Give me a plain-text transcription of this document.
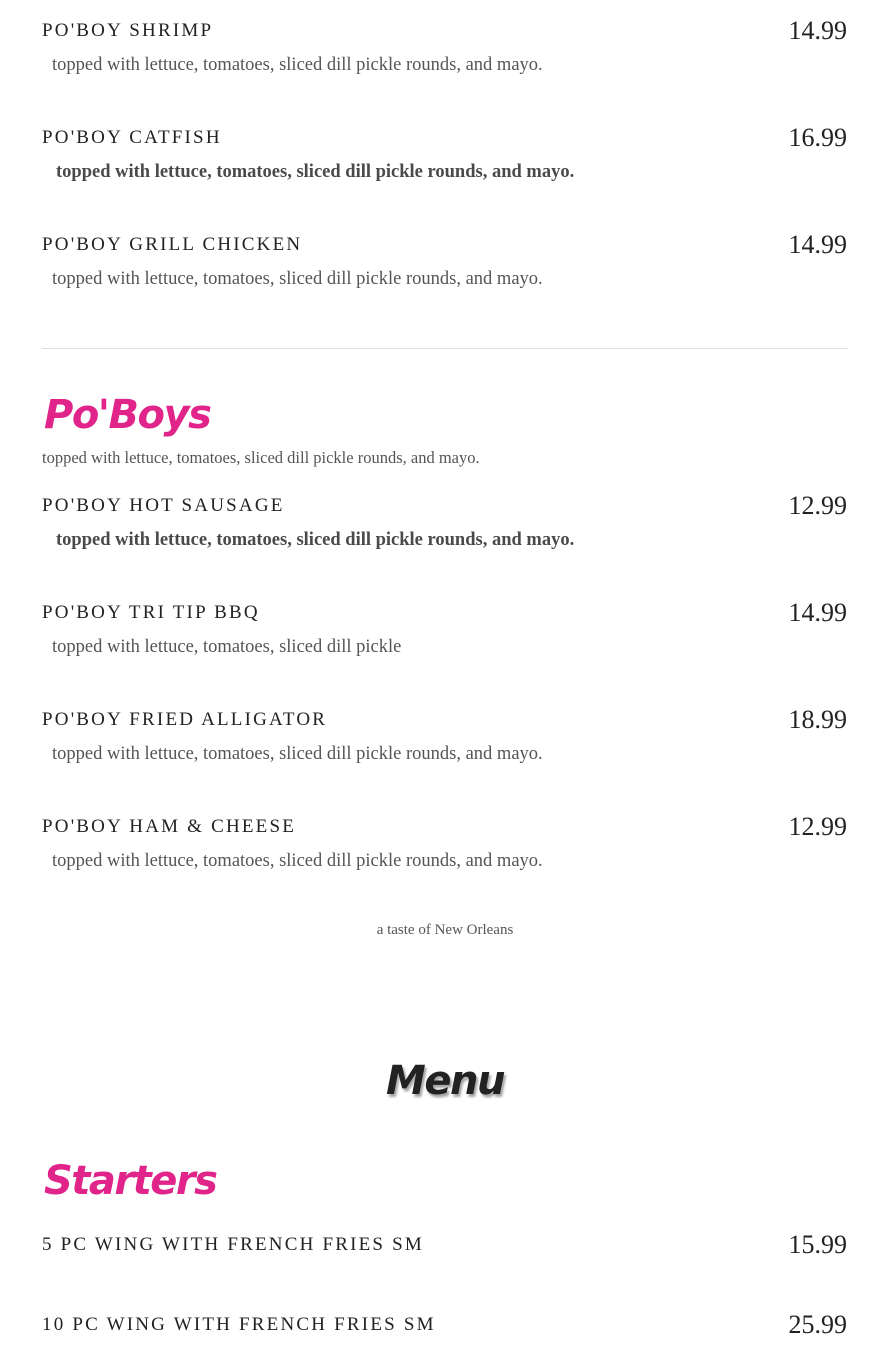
PO'BOY SHRIMP	14.99
topped with lettuce, tomatoes, sliced dill pickle rounds, and mayo.
PO'BOY CATFISH	16.99
topped with lettuce, tomatoes, sliced dill pickle rounds, and mayo.
PO'BOY GRILL CHICKEN	14.99
topped with lettuce, tomatoes, sliced dill pickle rounds, and mayo.
Po'Boys
topped with lettuce, tomatoes, sliced dill pickle rounds, and mayo.
PO'BOY HOT SAUSAGE	12.99
topped with lettuce, tomatoes, sliced dill pickle rounds, and mayo.
PO'BOY TRI TIP BBQ	14.99
topped with lettuce, tomatoes, sliced dill pickle
PO'BOY FRIED ALLIGATOR	18.99
topped with lettuce, tomatoes, sliced dill pickle rounds, and mayo.
PO'BOY HAM & CHEESE	12.99
topped with lettuce, tomatoes, sliced dill pickle rounds, and mayo.
a taste of New Orleans
Menu
Starters
5 PC WING WITH FRENCH FRIES SM	15.99
10 PC WING WITH FRENCH FRIES SM	25.99
